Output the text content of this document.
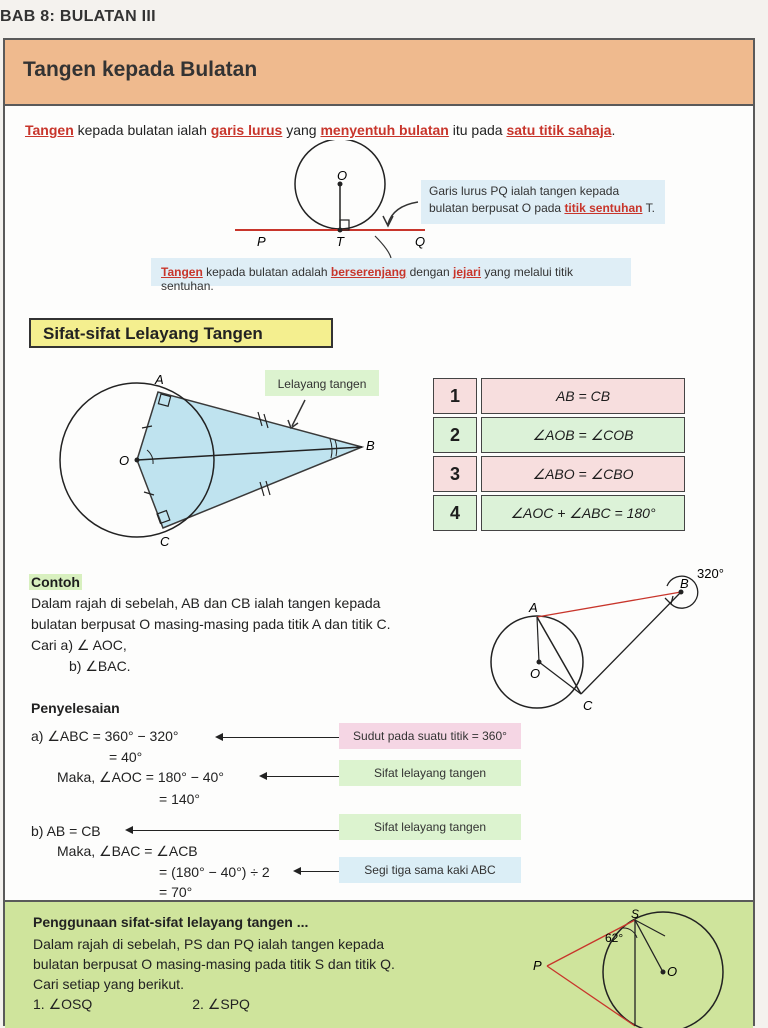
BAB 8: BULATAN III
Tangen kepada Bulatan
Tangen kepada bulatan ialah garis lurus yang menyentuh bulatan itu pada satu titik sahaja.
O
P	T	Q
Garis lurus PQ ialah tangen kepada
bulatan berpusat O pada titik sentuhan T.
Tangen kepada bulatan adalah berserenjang dengan jejari yang melalui titik sentuhan.
Sifat-sifat Lelayang Tangen
Lelayang tangen
A
B
C
O
1	AB = CB
2	∠AOB = ∠COB
3	∠ABO = ∠CBO
4	∠AOC + ∠ABC = 180°
Contoh
Dalam rajah di sebelah, AB dan CB ialah tangen kepada
bulatan berpusat O masing-masing pada titik A dan titik C.
Cari a) ∠ AOC,
b) ∠BAC.
A
B
C
O
320°
Penyelesaian
a) ∠ABC = 360° − 320°	Sudut pada suatu titik = 360°
= 40°
Maka, ∠AOC = 180° − 40°	Sifat lelayang tangen
= 140°
b) AB = CB	Sifat lelayang tangen
Maka, ∠BAC = ∠ACB
= (180° − 40°) ÷ 2	Segi tiga sama kaki ABC
= 70°
Penggunaan sifat-sifat lelayang tangen ...
Dalam rajah di sebelah, PS dan PQ ialah tangen kepada
bulatan berpusat O masing-masing pada titik S dan titik Q.
Cari setiap yang berikut.
1. ∠OSQ	2. ∠SPQ
S
P	O
62°
